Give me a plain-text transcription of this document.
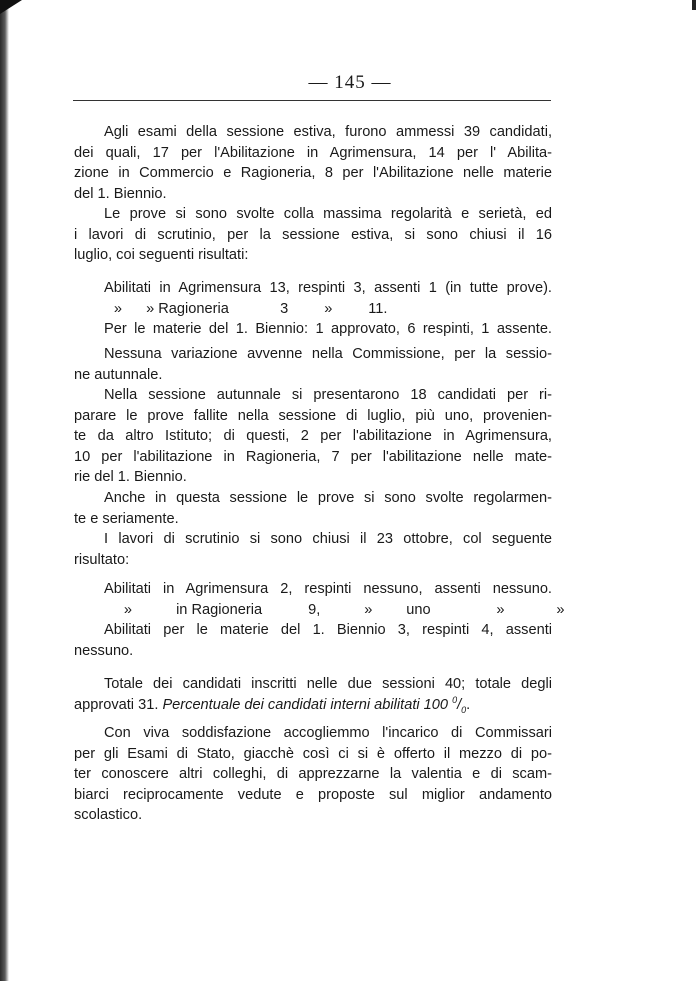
— 145 —
Agli esami della sessione estiva, furono ammessi 39 candidati,
dei quali, 17 per l'Abilitazione in Agrimensura, 14 per l' Abilita-
zione in Commercio e Ragioneria, 8 per l'Abilitazione nelle materie
del 1. Biennio.
Le prove si sono svolte colla massima regolarità e serietà, ed
i lavori di scrutinio, per la sessione estiva, si sono chiusi il 16
luglio, coi seguenti risultati:
Abilitati in Agrimensura 13, respinti 3, assenti 1 (in tutte prove).
» » Ragioneria	3 » 11.
Per le materie del 1. Biennio: 1 approvato, 6 respinti, 1 assente.
Nessuna variazione avvenne nella Commissione, per la sessio-
ne autunnale.
Nella sessione autunnale si presentarono 18 candidati per ri-
parare le prove fallite nella sessione di luglio, più uno, provenien-
te da altro Istituto; di questi, 2 per l'abilitazione in Agrimensura,
10 per l'abilitazione in Ragioneria, 7 per l'abilitazione nelle mate-
rie del 1. Biennio.
Anche in questa sessione le prove si sono svolte regolarmen-
te e seriamente.
I lavori di scrutinio si sono chiusi il 23 ottobre, col seguente
risultato:
Abilitati in Agrimensura 2, respinti nessuno, assenti nessuno.
»	in Ragioneria	9,	» uno	»	»
Abilitati per le materie del 1. Biennio 3, respinti 4, assenti
nessuno.
Totale dei candidati inscritti nelle due sessioni 40; totale degli
approvati 31. Percentuale dei candidati interni abilitati 100 $^0/_0$.
Con viva soddisfazione accogliemmo l'incarico di Commissari
per gli Esami di Stato, giacchè così ci si è offerto il mezzo di po-
ter conoscere altri colleghi, di apprezzarne la valentia e di scam-
biarci reciprocamente vedute e proposte sul miglior andamento
scolastico.
